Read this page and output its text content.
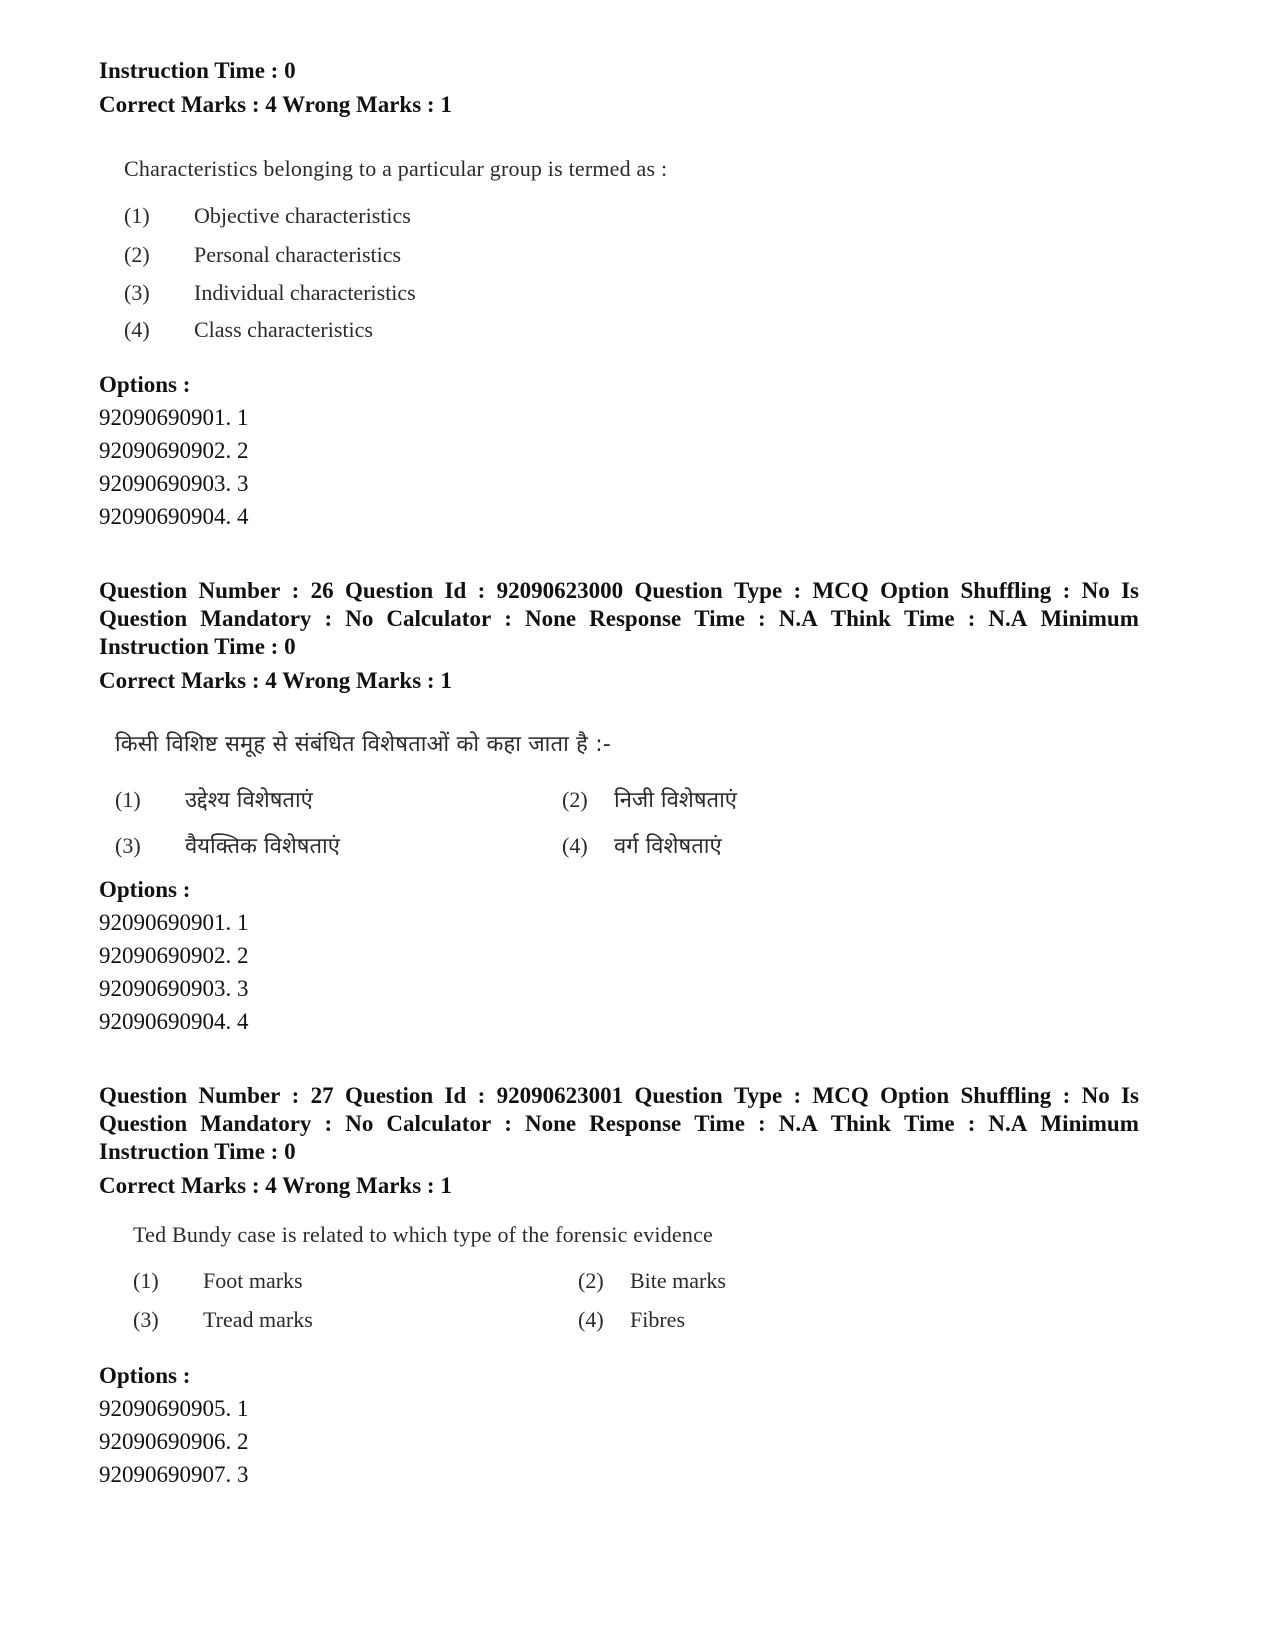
Instruction Time : 0
Correct Marks : 4 Wrong Marks : 1
Characteristics belonging to a particular group is termed as :
(1) Objective characteristics
(2) Personal characteristics
(3) Individual characteristics
(4) Class characteristics
Options :
92090690901. 1
92090690902. 2
92090690903. 3
92090690904. 4
Question Number : 26 Question Id : 92090623000 Question Type : MCQ Option Shuffling : No Is
Question Mandatory : No Calculator : None Response Time : N.A Think Time : N.A Minimum
Instruction Time : 0
Correct Marks : 4 Wrong Marks : 1
किसी विशिष्ट समूह से संबंधित विशेषताओं को कहा जाता है :-
(1) उद्देश्य विशेषताएं	(2) निजी विशेषताएं
(3) वैयक्तिक विशेषताएं	(4) वर्ग विशेषताएं
Options :
92090690901. 1
92090690902. 2
92090690903. 3
92090690904. 4
Question Number : 27 Question Id : 92090623001 Question Type : MCQ Option Shuffling : No Is
Question Mandatory : No Calculator : None Response Time : N.A Think Time : N.A Minimum
Instruction Time : 0
Correct Marks : 4 Wrong Marks : 1
Ted Bundy case is related to which type of the forensic evidence
(1) Foot marks	(2) Bite marks
(3) Tread marks	(4) Fibres
Options :
92090690905. 1
92090690906. 2
92090690907. 3
